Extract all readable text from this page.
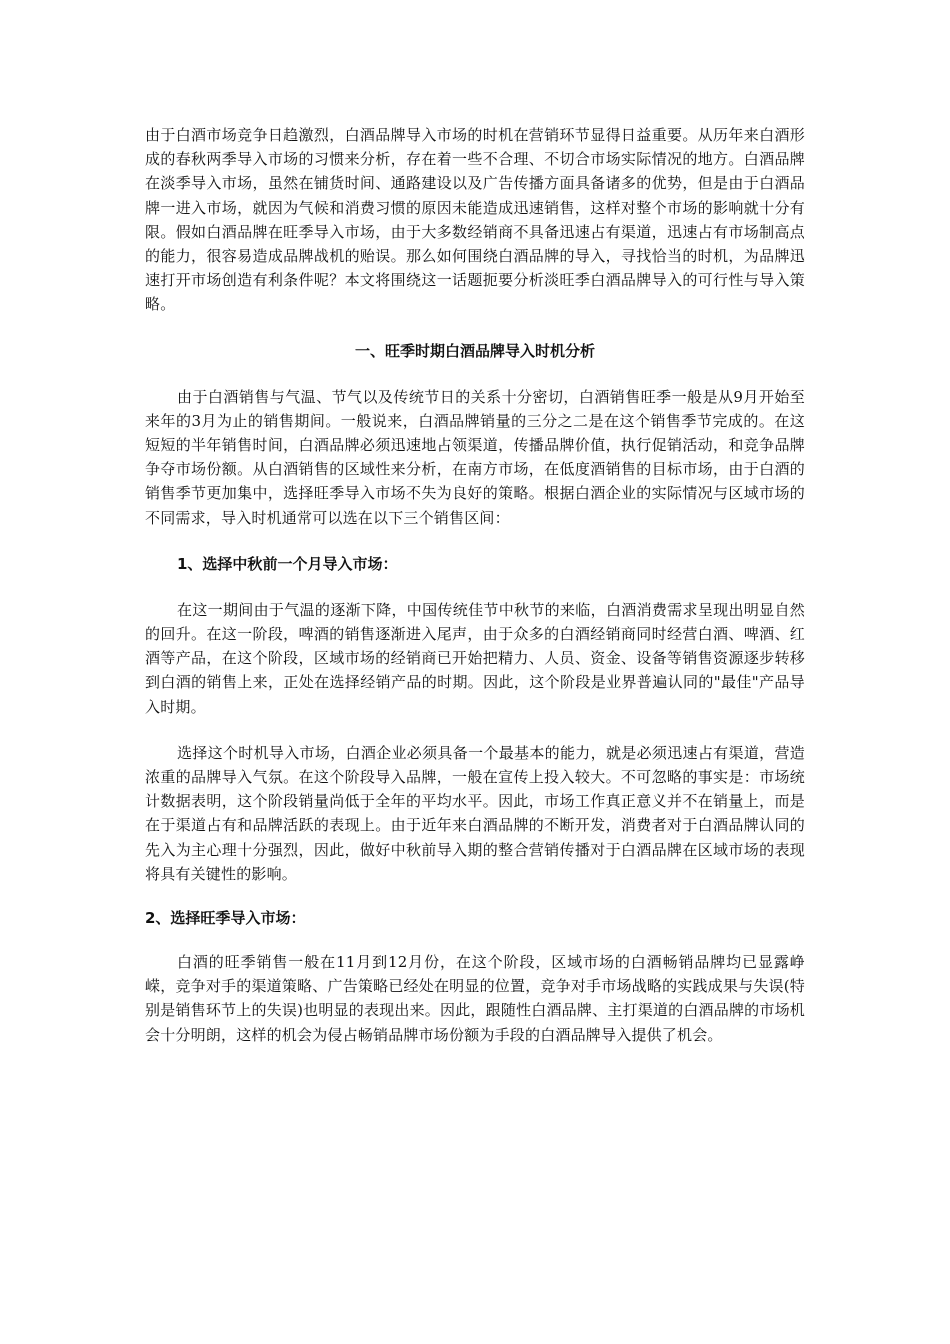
由于白酒市场竞争日趋激烈，白酒品牌导入市场的时机在营销环节显得日益重要。从历年来白酒形成的春秋两季导入市场的习惯来分析，存在着一些不合理、不切合市场实际情况的地方。白酒品牌在淡季导入市场，虽然在铺货时间、通路建设以及广告传播方面具备诸多的优势，但是由于白酒品牌一进入市场，就因为气候和消费习惯的原因未能造成迅速销售，这样对整个市场的影响就十分有限。假如白酒品牌在旺季导入市场，由于大多数经销商不具备迅速占有渠道，迅速占有市场制高点的能力，很容易造成品牌战机的贻误。那么如何围绕白酒品牌的导入，寻找恰当的时机，为品牌迅速打开市场创造有利条件呢？本文将围绕这一话题扼要分析淡旺季白酒品牌导入的可行性与导入策略。

一、旺季时期白酒品牌导入时机分析

由于白酒销售与气温、节气以及传统节日的关系十分密切，白酒销售旺季一般是从9月开始至来年的3月为止的销售期间。一般说来，白酒品牌销量的三分之二是在这个销售季节完成的。在这短短的半年销售时间，白酒品牌必须迅速地占领渠道，传播品牌价值，执行促销活动，和竞争品牌争夺市场份额。从白酒销售的区域性来分析，在南方市场，在低度酒销售的目标市场，由于白酒的销售季节更加集中，选择旺季导入市场不失为良好的策略。根据白酒企业的实际情况与区域市场的不同需求，导入时机通常可以选在以下三个销售区间：

1、选择中秋前一个月导入市场：

在这一期间由于气温的逐渐下降，中国传统佳节中秋节的来临，白酒消费需求呈现出明显自然的回升。在这一阶段，啤酒的销售逐渐进入尾声，由于众多的白酒经销商同时经营白酒、啤酒、红酒等产品，在这个阶段，区域市场的经销商已开始把精力、人员、资金、设备等销售资源逐步转移到白酒的销售上来，正处在选择经销产品的时期。因此，这个阶段是业界普遍认同的"最佳"产品导入时期。

选择这个时机导入市场，白酒企业必须具备一个最基本的能力，就是必须迅速占有渠道，营造浓重的品牌导入气氛。在这个阶段导入品牌，一般在宣传上投入较大。不可忽略的事实是：市场统计数据表明，这个阶段销量尚低于全年的平均水平。因此，市场工作真正意义并不在销量上，而是在于渠道占有和品牌活跃的表现上。由于近年来白酒品牌的不断开发，消费者对于白酒品牌认同的先入为主心理十分强烈，因此，做好中秋前导入期的整合营销传播对于白酒品牌在区域市场的表现将具有关键性的影响。

2、选择旺季导入市场：

白酒的旺季销售一般在11月到12月份，在这个阶段，区域市场的白酒畅销品牌均已显露峥嵘，竞争对手的渠道策略、广告策略已经处在明显的位置，竞争对手市场战略的实践成果与失误(特别是销售环节上的失误)也明显的表现出来。因此，跟随性白酒品牌、主打渠道的白酒品牌的市场机会十分明朗，这样的机会为侵占畅销品牌市场份额为手段的白酒品牌导入提供了机会。
